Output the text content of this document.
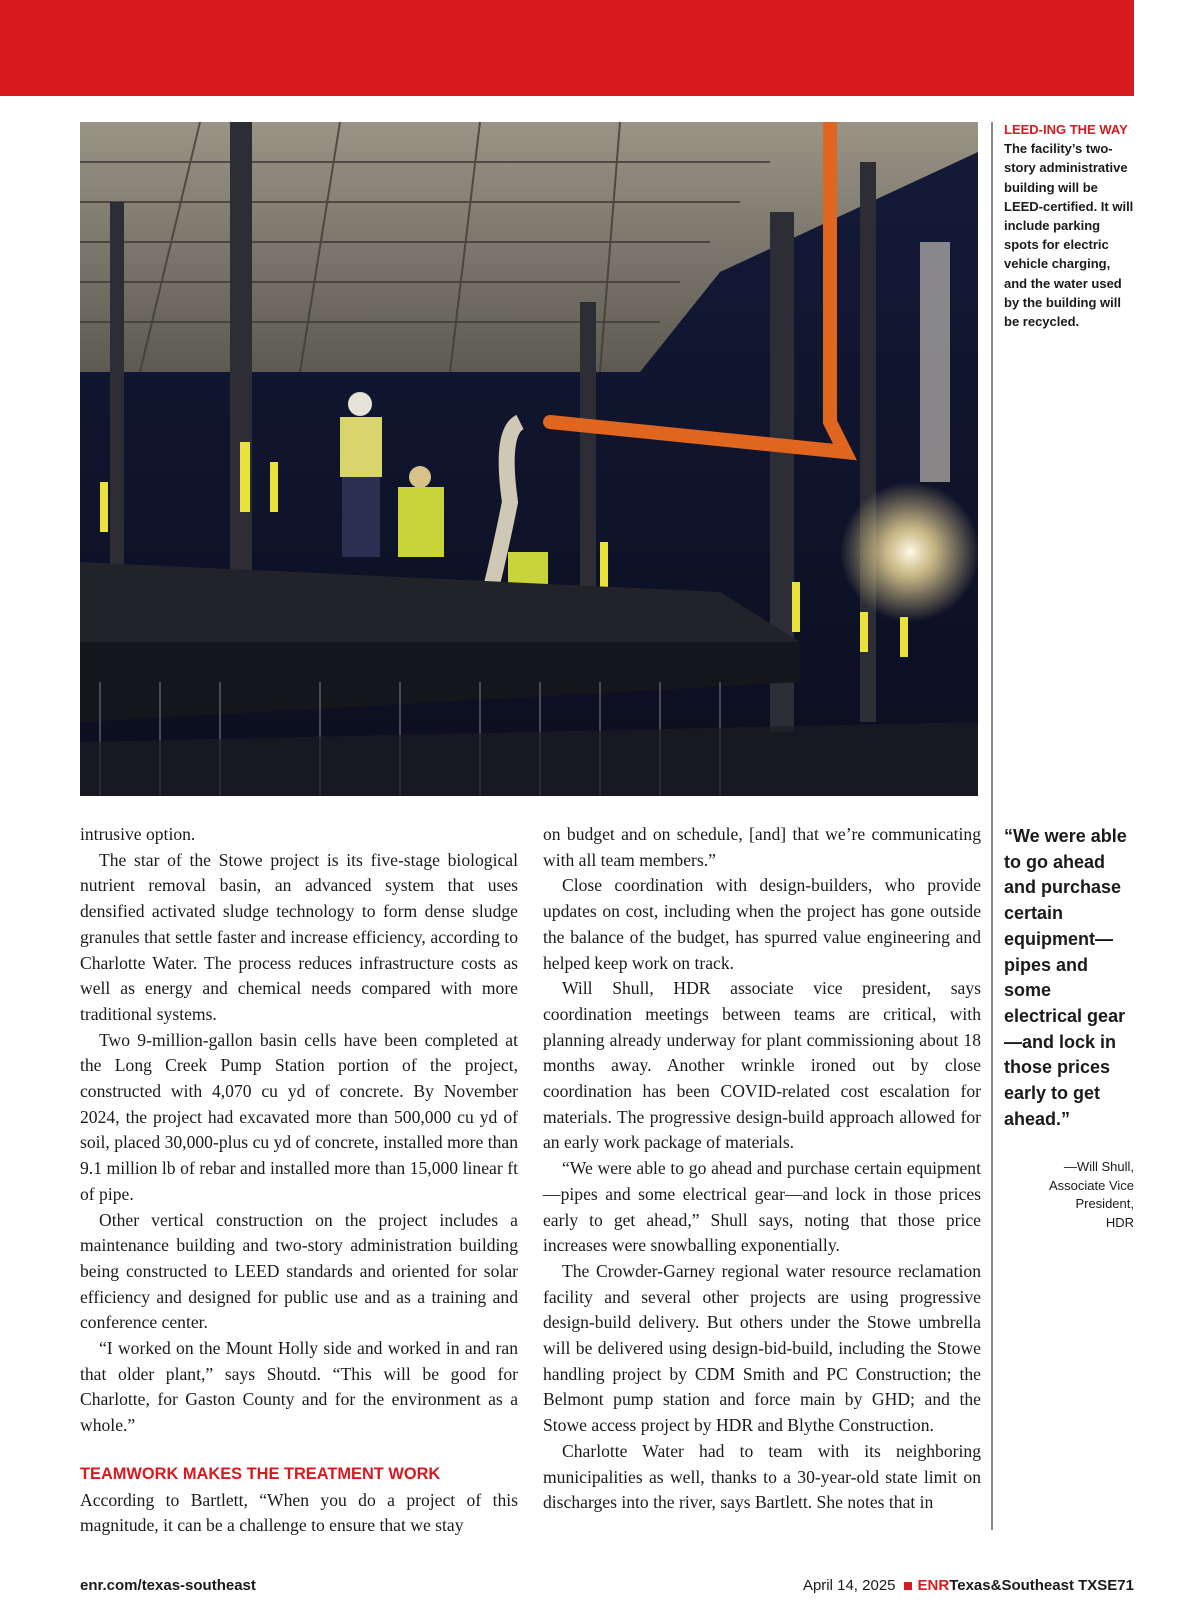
LEED-ING THE WAY The facility’s two-story administrative building will be LEED-certified. It will include parking spots for electric vehicle charging, and the water used by the building will be recycled.
“We were able to go ahead and purchase certain equipment—pipes and some electrical gear—and lock in those prices early to get ahead.”
—Will Shull,
Associate Vice
President,
HDR

intrusive option.

The star of the Stowe project is its five-stage biological nutrient removal basin, an advanced system that uses densified activated sludge technology to form dense sludge granules that settle faster and increase efficiency, according to Charlotte Water. The process reduces infrastructure costs as well as energy and chemical needs compared with more traditional systems.

Two 9-million-gallon basin cells have been completed at the Long Creek Pump Station portion of the project, constructed with 4,070 cu yd of concrete. By November 2024, the project had excavated more than 500,000 cu yd of soil, placed 30,000-plus cu yd of concrete, installed more than 9.1 million lb of rebar and installed more than 15,000 linear ft of pipe.

Other vertical construction on the project includes a maintenance building and two-story administration building being constructed to LEED standards and oriented for solar efficiency and designed for public use and as a training and conference center.

“I worked on the Mount Holly side and worked in and ran that older plant,” says Shoutd. “This will be good for Charlotte, for Gaston County and for the environment as a whole.”

TEAMWORK MAKES THE TREATMENT WORK

According to Bartlett, “When you do a project of this magnitude, it can be a challenge to ensure that we stay

on budget and on schedule, [and] that we’re communicating with all team members.”

Close coordination with design-builders, who provide updates on cost, including when the project has gone outside the balance of the budget, has spurred value engineering and helped keep work on track.

Will Shull, HDR associate vice president, says coordination meetings between teams are critical, with planning already underway for plant commissioning about 18 months away. Another wrinkle ironed out by close coordination has been COVID-related cost escalation for materials. The progressive design-build approach allowed for an early work package of materials.

“We were able to go ahead and purchase certain equipment—pipes and some electrical gear—and lock in those prices early to get ahead,” Shull says, noting that those price increases were snowballing exponentially.

The Crowder-Garney regional water resource reclamation facility and several other projects are using progressive design-build delivery. But others under the Stowe umbrella will be delivered using design-bid-build, including the Stowe handling project by CDM Smith and PC Construction; the Belmont pump station and force main by GHD; and the Stowe access project by HDR and Blythe Construction.

Charlotte Water had to team with its neighboring municipalities as well, thanks to a 30-year-old state limit on discharges into the river, says Bartlett. She notes that in

enr.com/texas-southeast	April 14, 2025 ENRTexas&Southeast TXSE71
